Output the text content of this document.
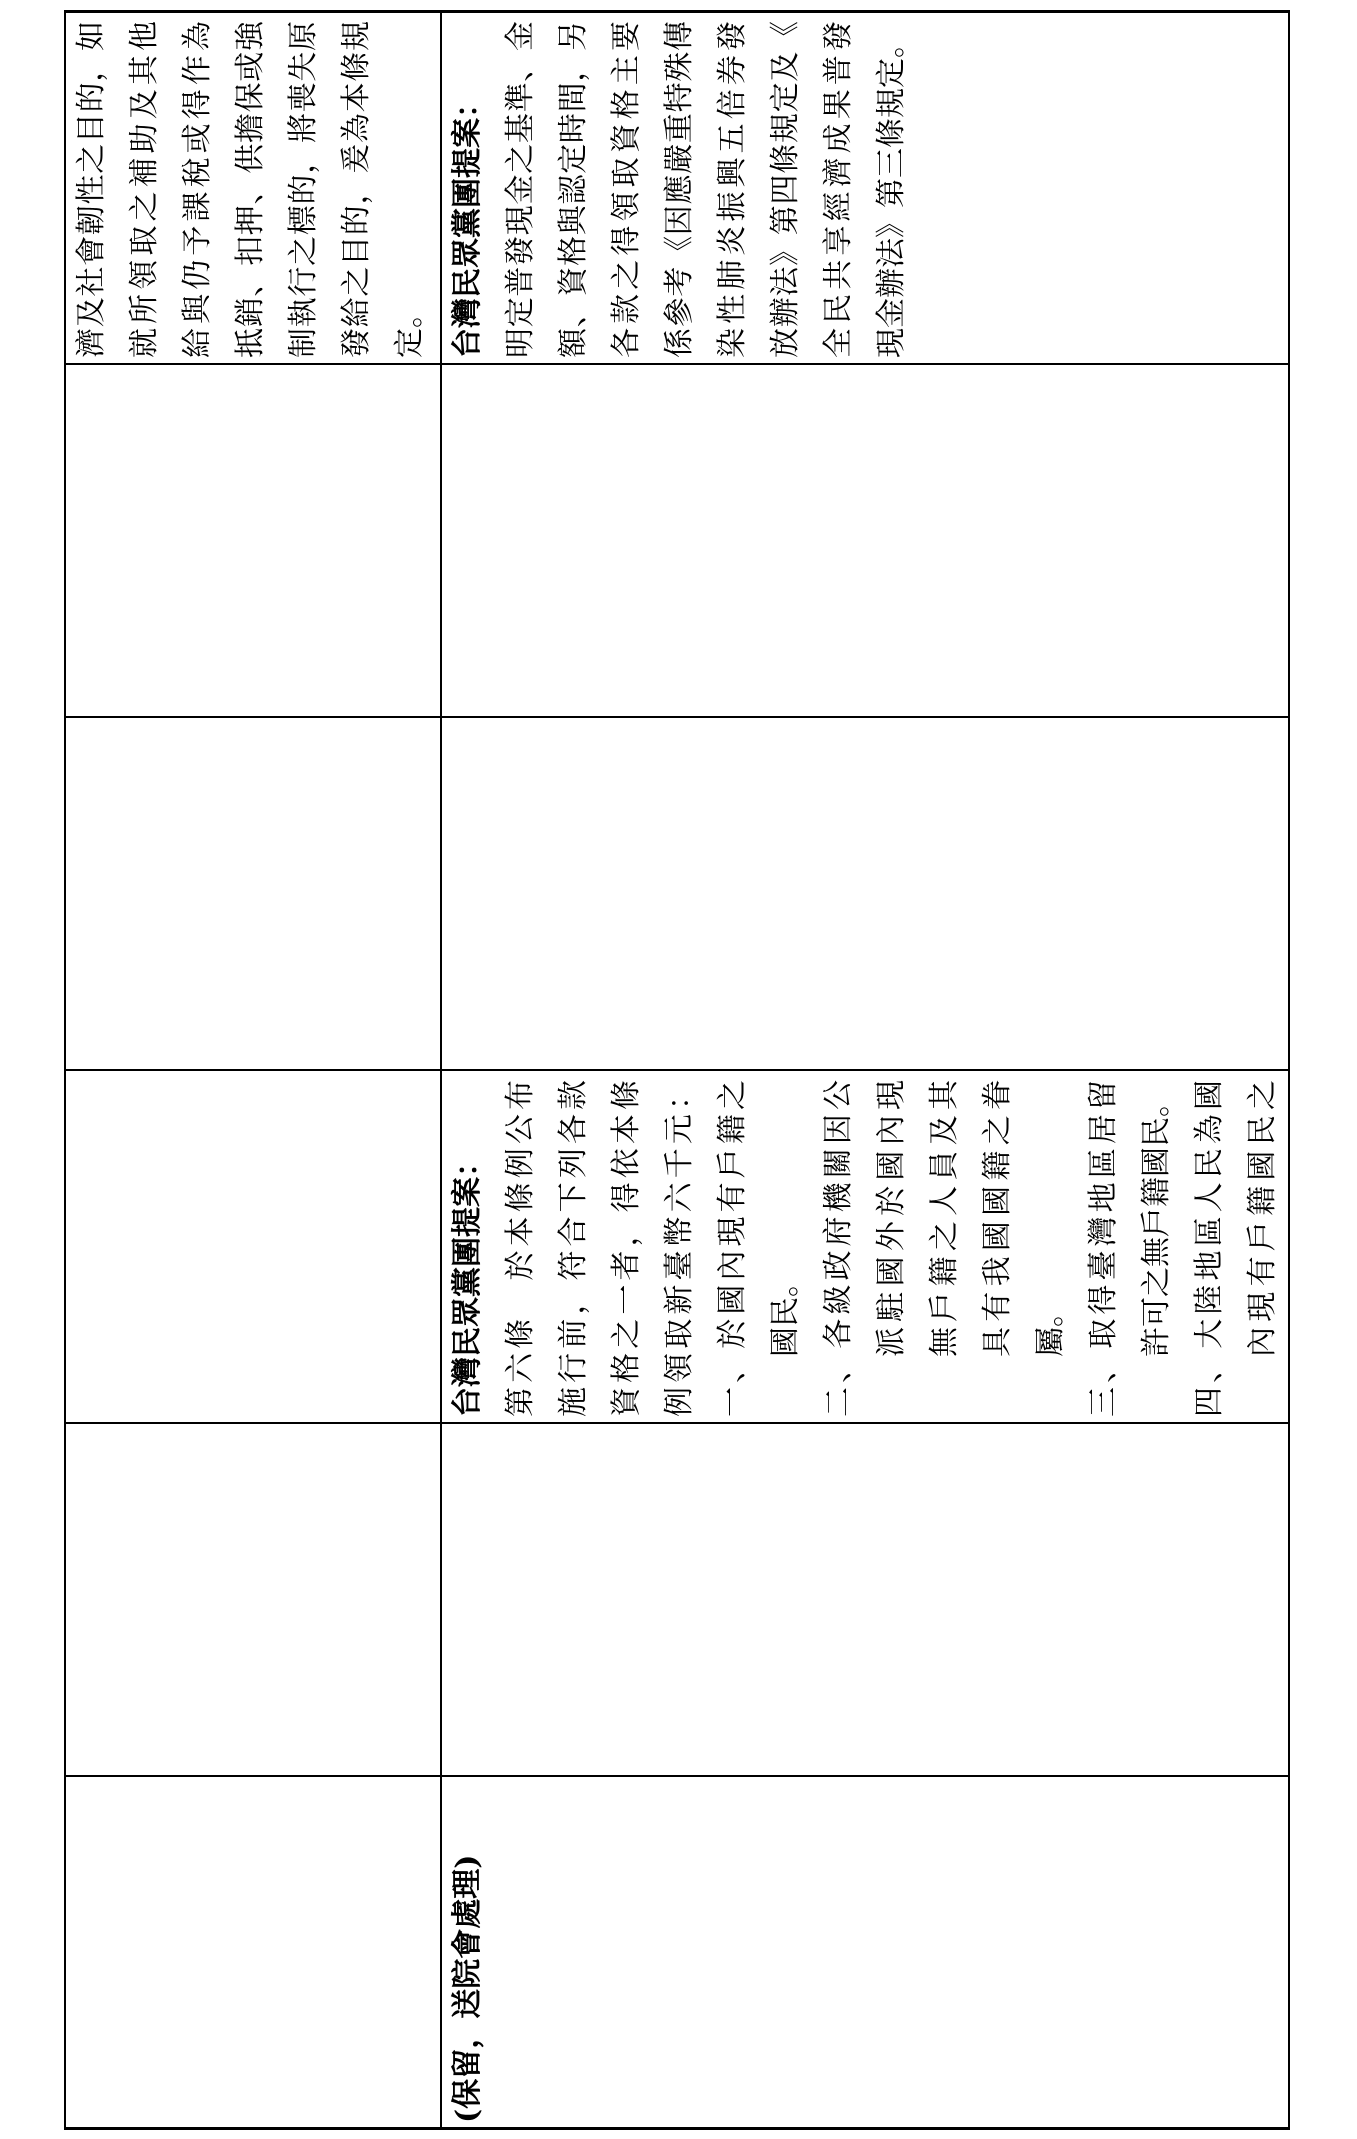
濟及社會韌性之目的，如 就所領取之補助及其他 給與仍予課稅或得作為 抵銷、扣押、供擔保或強 制執行之標的，將喪失原 發給之目的，爰為本條規 定。
(保留，送院會處理)
台灣民眾黨團提案： 第六條　於本條例公布 施行前，符合下列各款 資格之一者，得依本條 例領取新臺幣六千元： 一、於國內現有戶籍之 國民。 二、各級政府機關因公 派駐國外於國內現 無戶籍之人員及其 具有我國國籍之眷 屬。 三、取得臺灣地區居留 許可之無戶籍國民。 四、大陸地區人民為國 內現有戶籍國民之
台灣民眾黨團提案： 明定普發現金之基準、金 額、資格與認定時間，另 各款之得領取資格主要 係參考《因應嚴重特殊傳 染性肺炎振興五倍券發 放辦法》第四條規定及《 全民共享經濟成果普發 現金辦法》第三條規定。
